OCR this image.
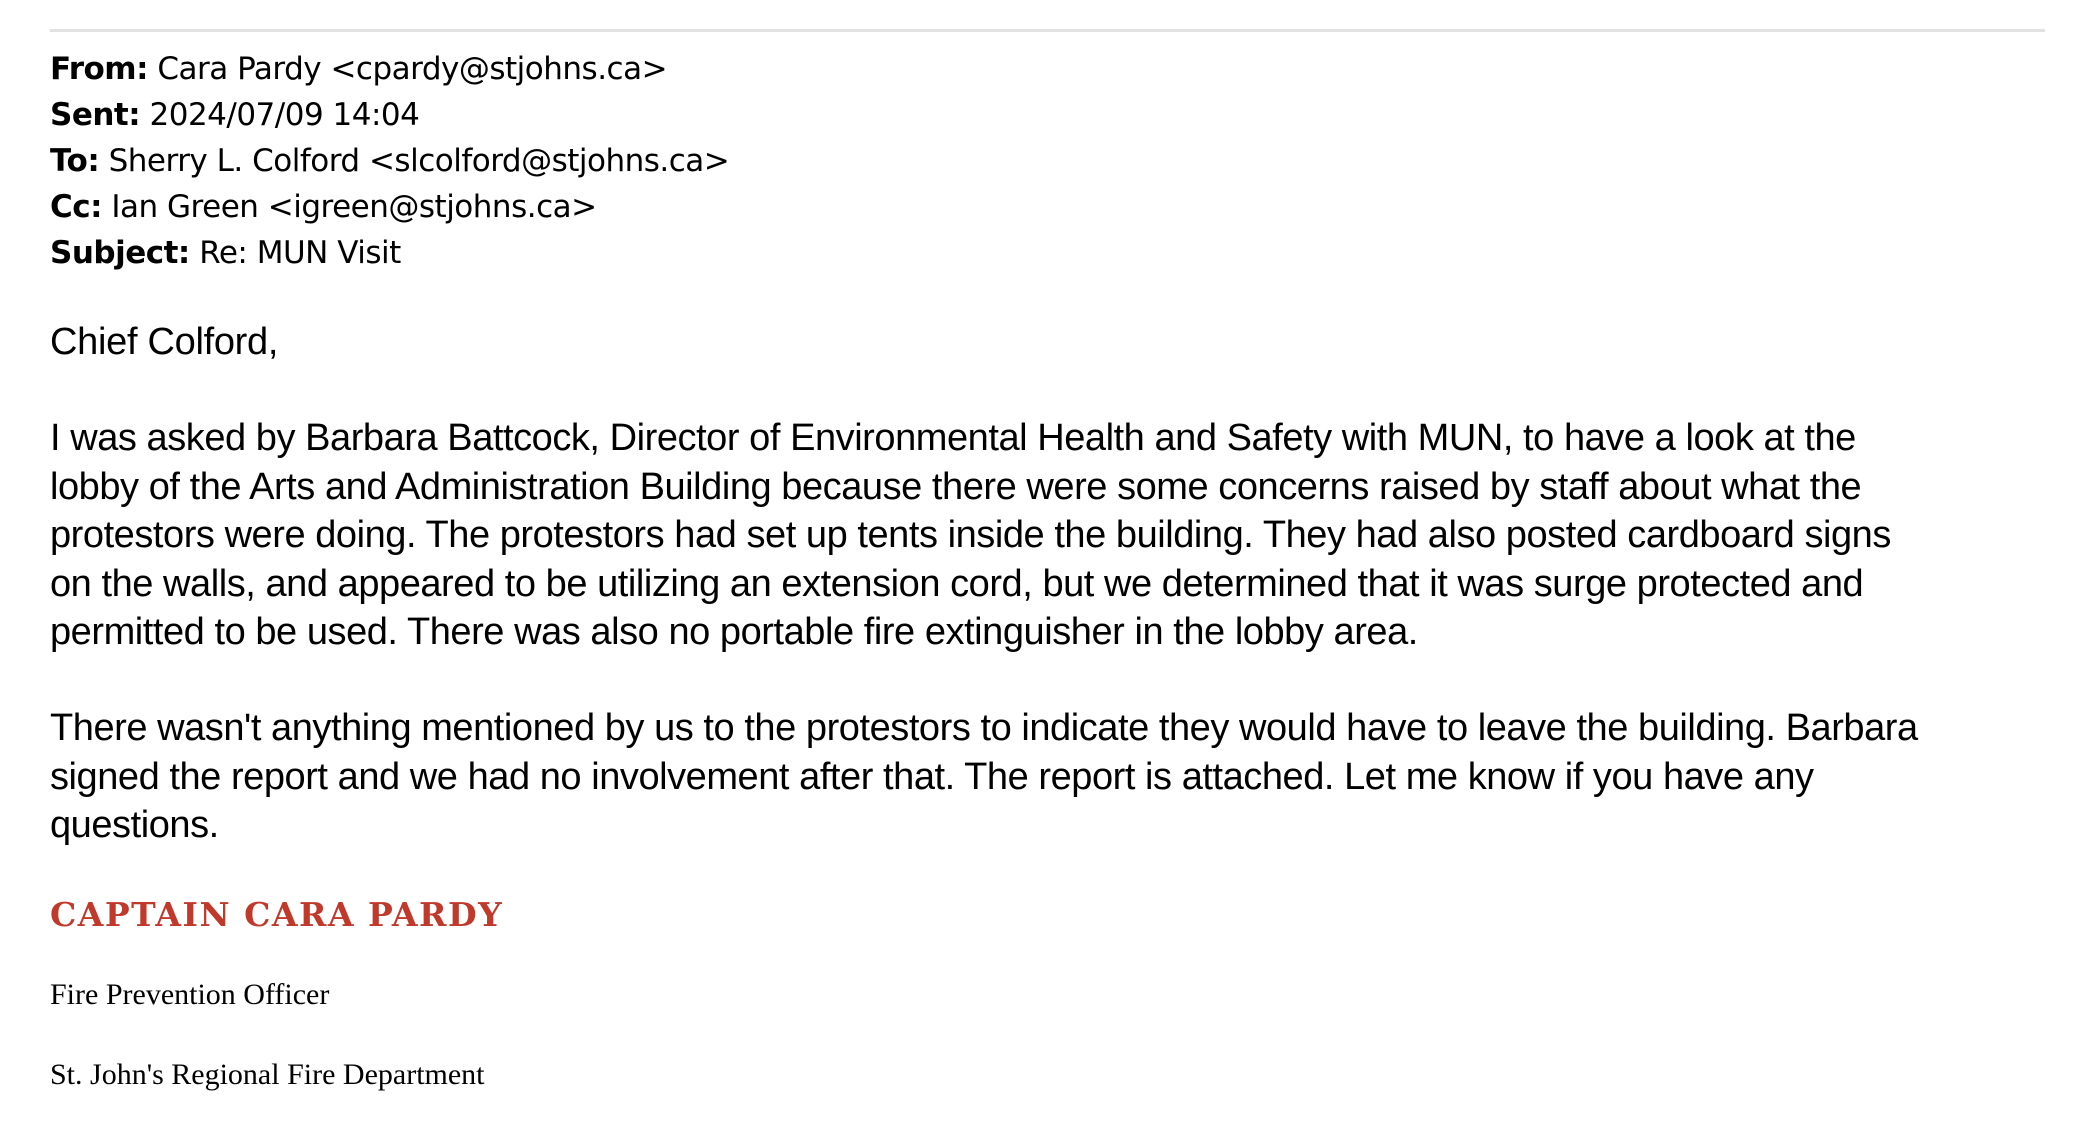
From: Cara Pardy <cpardy@stjohns.ca>
Sent: 2024/07/09 14:04
To: Sherry L. Colford <slcolford@stjohns.ca>
Cc: Ian Green <igreen@stjohns.ca>
Subject: Re: MUN Visit
Chief Colford,
I was asked by Barbara Battcock, Director of Environmental Health and Safety with MUN, to have a look at the
lobby of the Arts and Administration Building because there were some concerns raised by staff about what the
protestors were doing. The protestors had set up tents inside the building. They had also posted cardboard signs
on the walls, and appeared to be utilizing an extension cord, but we determined that it was surge protected and
permitted to be used. There was also no portable fire extinguisher in the lobby area.
There wasn't anything mentioned by us to the protestors to indicate they would have to leave the building. Barbara
signed the report and we had no involvement after that. The report is attached. Let me know if you have any
questions.
CAPTAIN CARA PARDY
Fire Prevention Officer
St. John's Regional Fire Department
